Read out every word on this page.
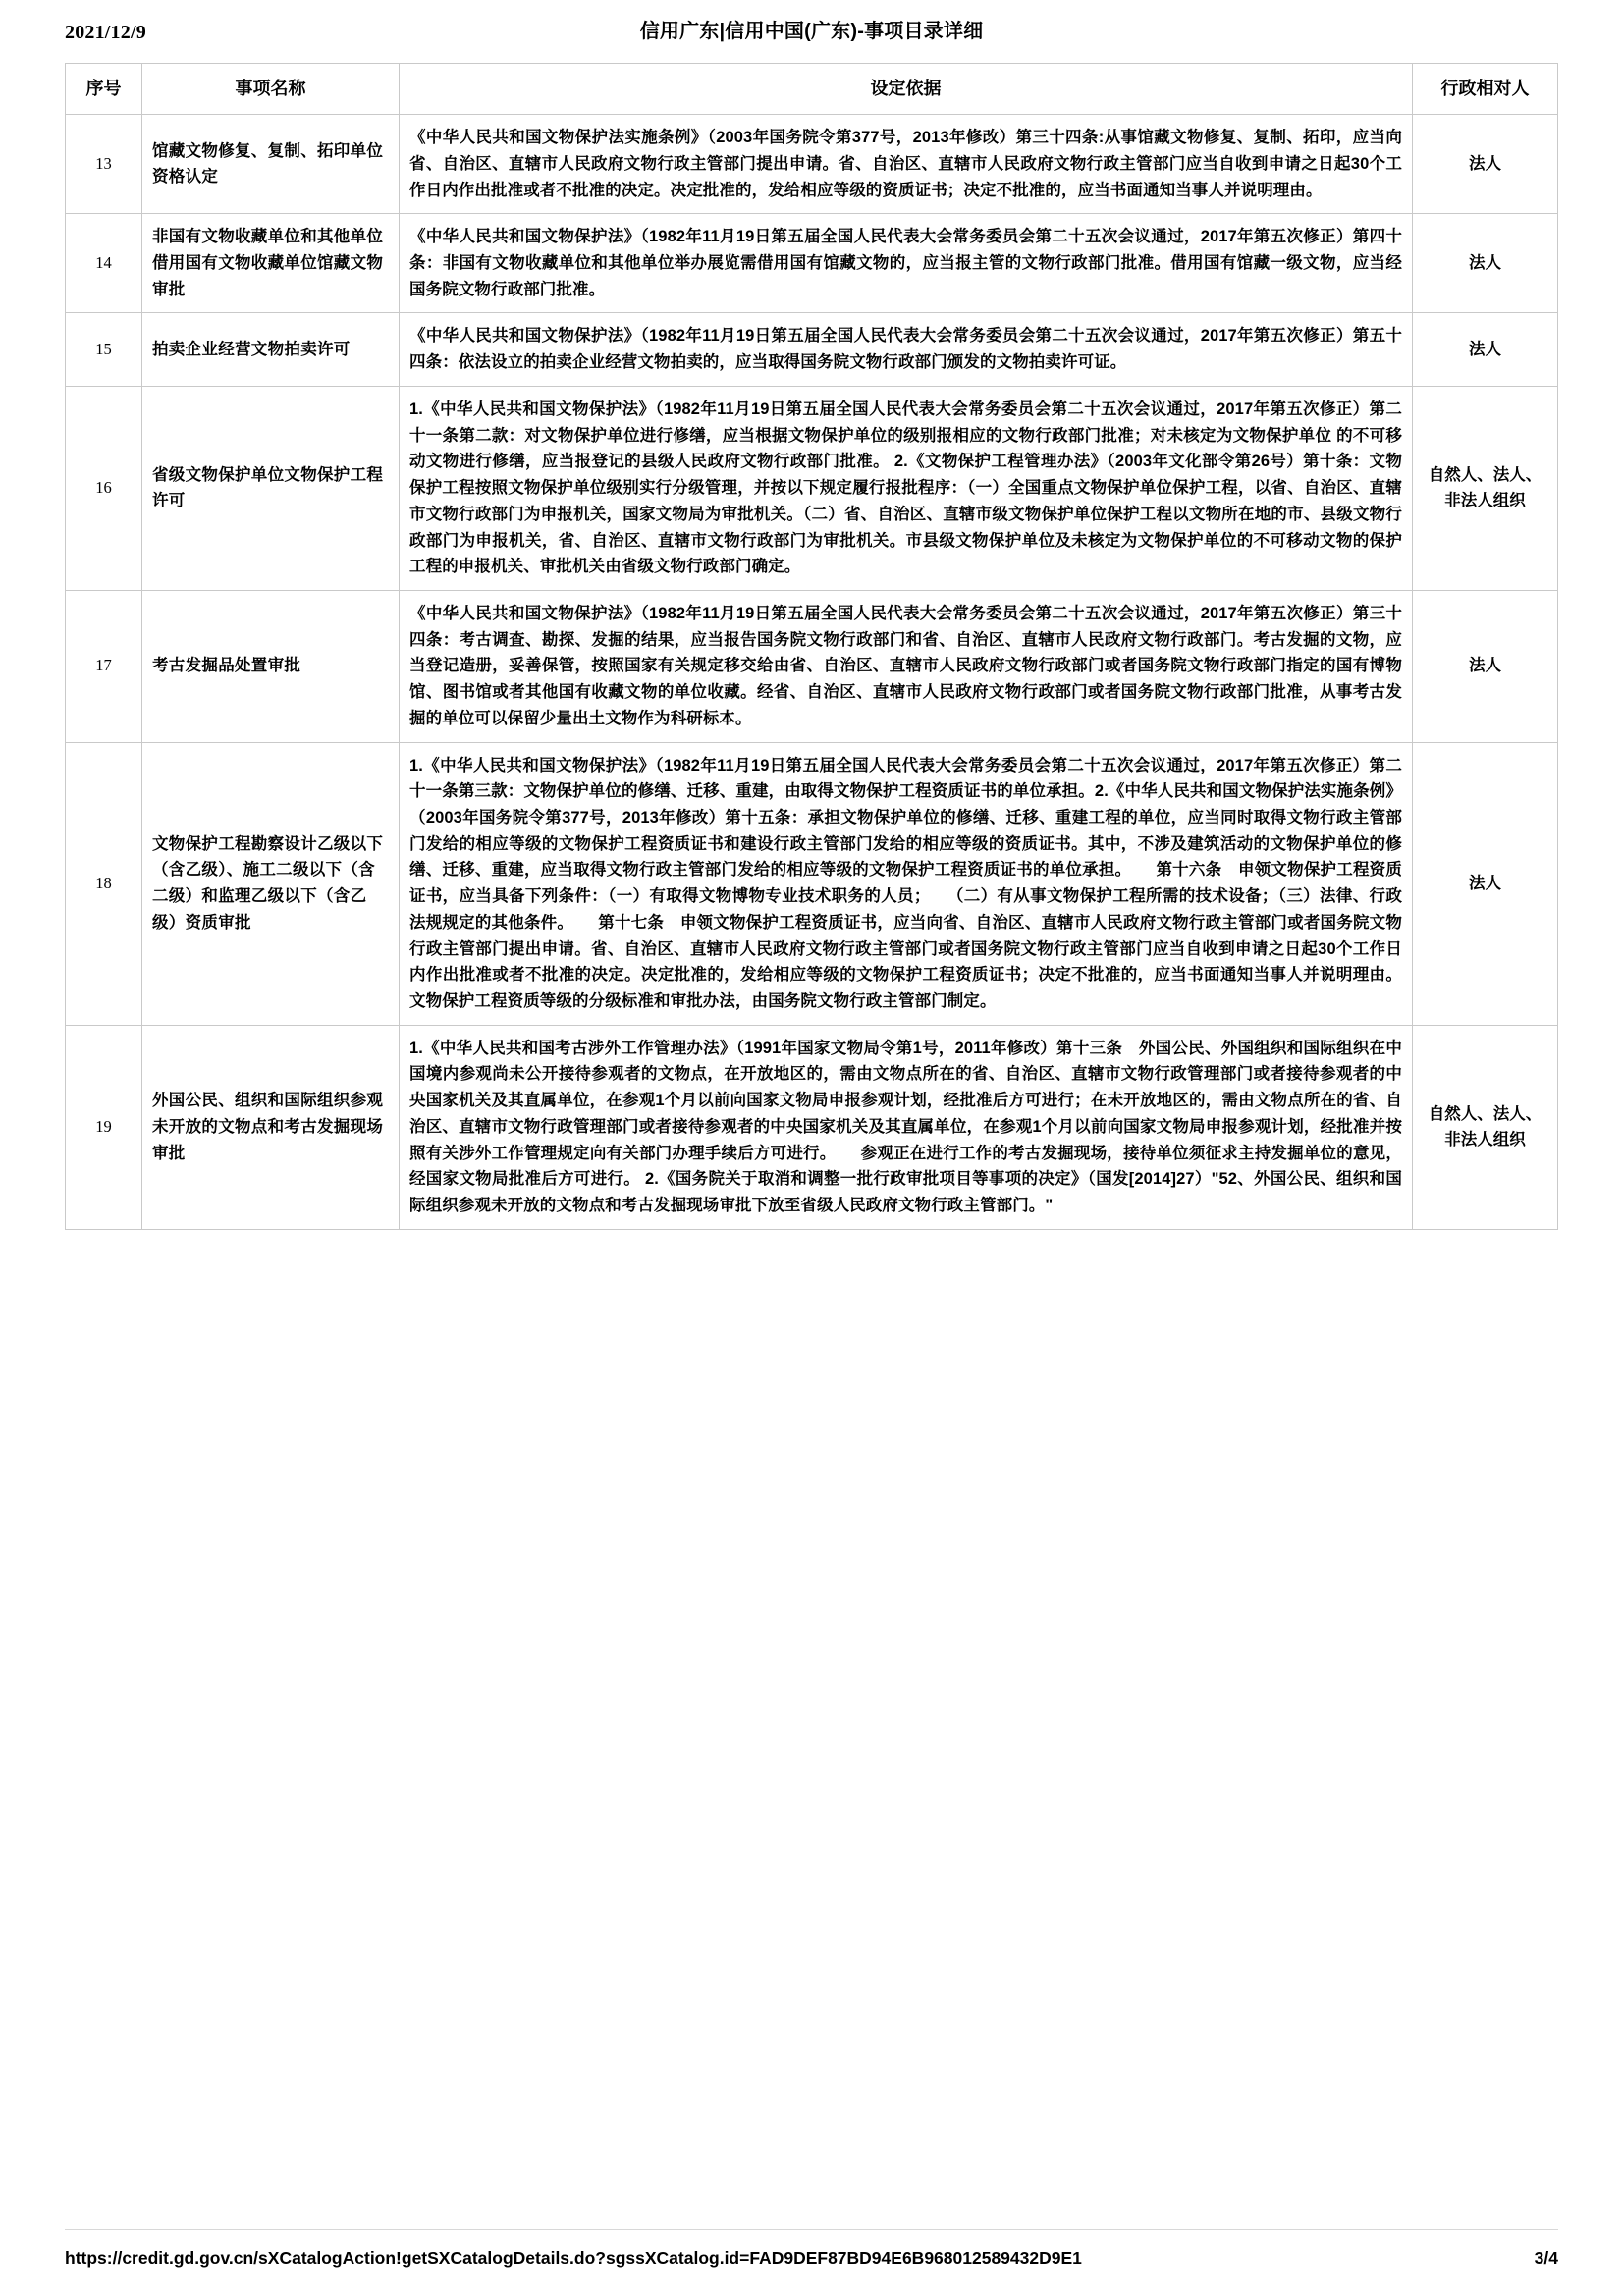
2021/12/9	信用广东|信用中国(广东)-事项目录详细
序号	事项名称	设定依据	行政相对人
13	馆藏文物修复、复制、拓印单位资格认定	《中华人民共和国文物保护法实施条例》（2003年国务院令第377号，2013年修改）第三十四条:从事馆藏文物修复、复制、拓印，应当向省、自治区、直辖市人民政府文物行政主管部门提出申请。省、自治区、直辖市人民政府文物行政主管部门应当自收到申请之日起30个工作日内作出批准或者不批准的决定。决定批准的，发给相应等级的资质证书；决定不批准的，应当书面通知当事人并说明理由。	法人
14	非国有文物收藏单位和其他单位借用国有文物收藏单位馆藏文物审批	《中华人民共和国文物保护法》（1982年11月19日第五届全国人民代表大会常务委员会第二十五次会议通过，2017年第五次修正）第四十条：非国有文物收藏单位和其他单位举办展览需借用国有馆藏文物的，应当报主管的文物行政部门批准。借用国有馆藏一级文物，应当经国务院文物行政部门批准。	法人
15	拍卖企业经营文物拍卖许可	《中华人民共和国文物保护法》（1982年11月19日第五届全国人民代表大会常务委员会第二十五次会议通过，2017年第五次修正）第五十四条：依法设立的拍卖企业经营文物拍卖的，应当取得国务院文物行政部门颁发的文物拍卖许可证。	法人
16	省级文物保护单位文物保护工程许可	1.《中华人民共和国文物保护法》（1982年11月19日第五届全国人民代表大会常务委员会第二十五次会议通过，2017年第五次修正）第二十一条第二款：对文物保护单位进行修缮，应当根据文物保护单位的级别报相应的文物行政部门批准；对未核定为文物保护单位 的不可移动文物进行修缮，应当报登记的县级人民政府文物行政部门批准。 2.《文物保护工程管理办法》（2003年文化部令第26号）第十条：文物保护工程按照文物保护单位级别实行分级管理，并按以下规定履行报批程序：（一）全国重点文物保护单位保护工程，以省、自治区、直辖市文物行政部门为申报机关，国家文物局为审批机关。（二）省、自治区、直辖市级文物保护单位保护工程以文物所在地的市、县级文物行政部门为申报机关，省、自治区、直辖市文物行政部门为审批机关。市县级文物保护单位及未核定为文物保护单位的不可移动文物的保护工程的申报机关、审批机关由省级文物行政部门确定。	自然人、法人、非法人组织
17	考古发掘品处置审批	《中华人民共和国文物保护法》（1982年11月19日第五届全国人民代表大会常务委员会第二十五次会议通过，2017年第五次修正）第三十四条：考古调查、勘探、发掘的结果，应当报告国务院文物行政部门和省、自治区、直辖市人民政府文物行政部门。考古发掘的文物，应当登记造册，妥善保管，按照国家有关规定移交给由省、自治区、直辖市人民政府文物行政部门或者国务院文物行政部门指定的国有博物馆、图书馆或者其他国有收藏文物的单位收藏。经省、自治区、直辖市人民政府文物行政部门或者国务院文物行政部门批准，从事考古发掘的单位可以保留少量出土文物作为科研标本。	法人
18	文物保护工程勘察设计乙级以下（含乙级）、施工二级以下（含二级）和监理乙级以下（含乙级）资质审批	1.《中华人民共和国文物保护法》（1982年11月19日第五届全国人民代表大会常务委员会第二十五次会议通过，2017年第五次修正）第二十一条第三款：文物保护单位的修缮、迁移、重建，由取得文物保护工程资质证书的单位承担。2.《中华人民共和国文物保护法实施条例》（2003年国务院令第377号，2013年修改）第十五条：承担文物保护单位的修缮、迁移、重建工程的单位，应当同时取得文物行政主管部门发给的相应等级的文物保护工程资质证书和建设行政主管部门发给的相应等级的资质证书。其中，不涉及建筑活动的文物保护单位的修缮、迁移、重建，应当取得文物行政主管部门发给的相应等级的文物保护工程资质证书的单位承担。　　第十六条　申领文物保护工程资质证书，应当具备下列条件：（一）有取得文物博物专业技术职务的人员；　　（二）有从事文物保护工程所需的技术设备；（三）法律、行政法规规定的其他条件。　　第十七条　申领文物保护工程资质证书，应当向省、自治区、直辖市人民政府文物行政主管部门或者国务院文物行政主管部门提出申请。省、自治区、直辖市人民政府文物行政主管部门或者国务院文物行政主管部门应当自收到申请之日起30个工作日内作出批准或者不批准的决定。决定批准的，发给相应等级的文物保护工程资质证书；决定不批准的，应当书面通知当事人并说明理由。文物保护工程资质等级的分级标准和审批办法，由国务院文物行政主管部门制定。	法人
19	外国公民、组织和国际组织参观未开放的文物点和考古发掘现场审批	1.《中华人民共和国考古涉外工作管理办法》（1991年国家文物局令第1号，2011年修改）第十三条　外国公民、外国组织和国际组织在中国境内参观尚未公开接待参观者的文物点，在开放地区的，需由文物点所在的省、自治区、直辖市文物行政管理部门或者接待参观者的中央国家机关及其直属单位，在参观1个月以前向国家文物局申报参观计划，经批准后方可进行；在未开放地区的，需由文物点所在的省、自治区、直辖市文物行政管理部门或者接待参观者的中央国家机关及其直属单位，在参观1个月以前向国家文物局申报参观计划，经批准并按照有关涉外工作管理规定向有关部门办理手续后方可进行。　　参观正在进行工作的考古发掘现场，接待单位须征求主持发掘单位的意见，经国家文物局批准后方可进行。 2.《国务院关于取消和调整一批行政审批项目等事项的决定》（国发[2014]27）"52、外国公民、组织和国际组织参观未开放的文物点和考古发掘现场审批下放至省级人民政府文物行政主管部门。"	自然人、法人、非法人组织
https://credit.gd.gov.cn/sXCatalogAction!getSXCatalogDetails.do?sgssXCatalog.id=FAD9DEF87BD94E6B968012589432D9E1	3/4
